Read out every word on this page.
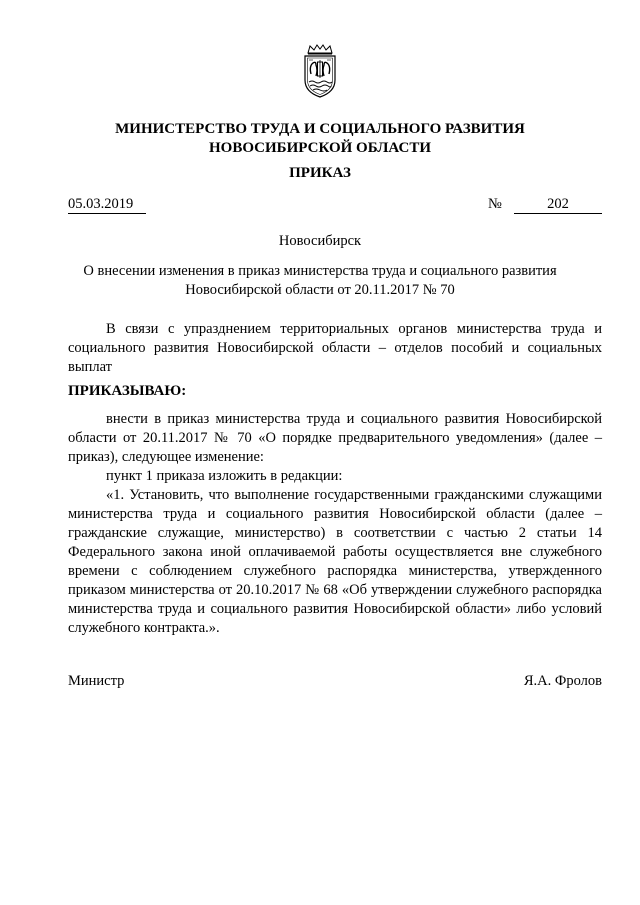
МИНИСТЕРСТВО ТРУДА И СОЦИАЛЬНОГО РАЗВИТИЯ
НОВОСИБИРСКОЙ ОБЛАСТИ
ПРИКАЗ
05.03.2019	№	202
Новосибирск
О внесении изменения в приказ министерства труда и социального развития
Новосибирской области от 20.11.2017 № 70
В связи с упразднением территориальных органов министерства труда и социального развития Новосибирской области – отделов пособий и социальных выплат
ПРИКАЗЫВАЮ:
внести в приказ министерства труда и социального развития Новосибирской области от 20.11.2017 № 70 «О порядке предварительного уведомления» (далее – приказ), следующее изменение:
пункт 1 приказа изложить в редакции:
«1. Установить, что выполнение государственными гражданскими служащими министерства труда и социального развития Новосибирской области (далее – гражданские служащие, министерство) в соответствии с частью 2 статьи 14 Федерального закона иной оплачиваемой работы осуществляется вне служебного времени с соблюдением служебного распорядка министерства, утвержденного приказом министерства от 20.10.2017 № 68 «Об утверждении служебного распорядка министерства труда и социального развития Новосибирской области» либо условий служебного контракта.».
Министр	Я.А. Фролов
